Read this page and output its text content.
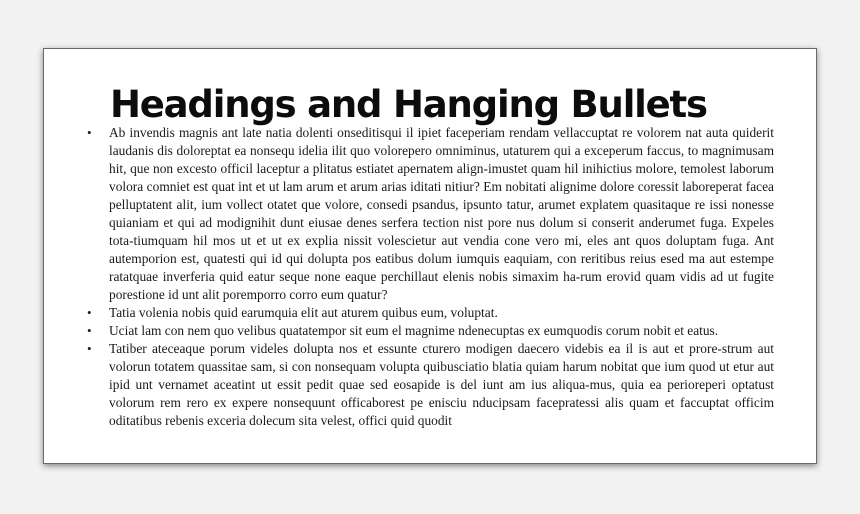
Headings and Hanging Bullets
• Ab invendis magnis ant late natia dolenti onseditisqui il ipiet faceperiam rendam vellaccuptat re volorem nat auta quiderit laudanis dis doloreptat ea nonsequ idelia ilit quo volorepero omniminus, utaturem qui a exceperum faccus, to magnimusam hit, que non excesto officil laceptur a plitatus estiatet apernatem align-imustet quam hil inihictius molore, temolest laborum volora comniet est quat int et ut lam arum et arum arias iditati nitiur? Em nobitati alignime dolore coressit laboreperat facea pelluptatent alit, ium vollect otatet que volore, consedi psandus, ipsunto tatur, arumet explatem quasitaque re issi nonesse quianiam et qui ad modignihit dunt eiusae denes serfera tection nist pore nus dolum si conserit anderumet fuga. Expeles tota-tiumquam hil mos ut et ut ex explia nissit volescietur aut vendia cone vero mi, eles ant quos doluptam fuga. Ant autemporion est, quatesti qui id qui dolupta pos eatibus dolum iumquis eaquiam, con reritibus reius esed ma aut estempe ratatquae inverferia quid eatur seque none eaque perchillaut elenis nobis simaxim ha-rum erovid quam vidis ad ut fugite porestione id unt alit poremporro corro eum quatur?
• Tatia volenia nobis quid earumquia elit aut aturem quibus eum, voluptat.
• Uciat lam con nem quo velibus quatatempor sit eum el magnime ndenecuptas ex eumquodis corum nobit et eatus.
• Tatiber ateceaque porum videles dolupta nos et essunte cturero modigen daecero videbis ea il is aut et prore-strum aut volorun totatem quassitae sam, si con nonsequam volupta quibusciatio blatia quiam harum nobitat que ium quod ut etur aut ipid unt vernamet aceatint ut essit pedit quae sed eosapide is del iunt am ius aliqua-mus, quia ea perioreperi optatust volorum rem rero ex expere nonsequunt officaborest pe enisciu nducipsam facepratessi alis quam et faccuptat officim oditatibus rebenis exceria dolecum sita velest, offici quid quodit
